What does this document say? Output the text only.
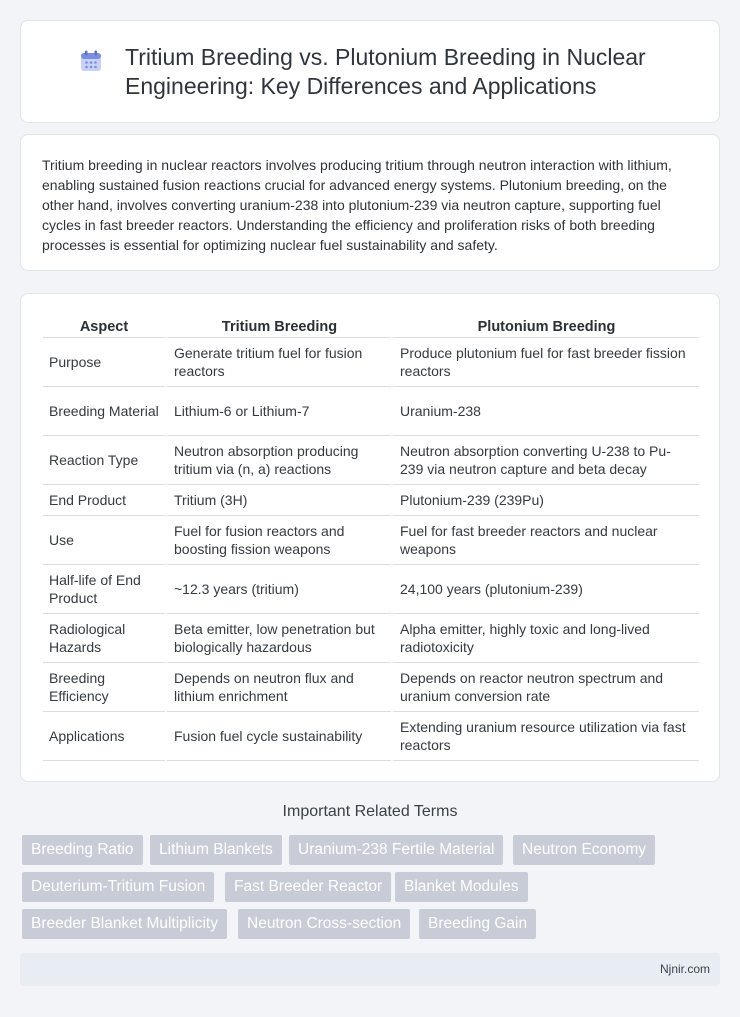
Tritium Breeding vs. Plutonium Breeding in Nuclear Engineering: Key Differences and Applications

Tritium breeding in nuclear reactors involves producing tritium through neutron interaction with lithium, enabling sustained fusion reactions crucial for advanced energy systems. Plutonium breeding, on the other hand, involves converting uranium-238 into plutonium-239 via neutron capture, supporting fuel cycles in fast breeder reactors. Understanding the efficiency and proliferation risks of both breeding processes is essential for optimizing nuclear fuel sustainability and safety.

Aspect	Tritium Breeding	Plutonium Breeding
Purpose	Generate tritium fuel for fusion reactors	Produce plutonium fuel for fast breeder fission reactors
Breeding Material	Lithium-6 or Lithium-7	Uranium-238
Reaction Type	Neutron absorption producing tritium via (n, a) reactions	Neutron absorption converting U-238 to Pu-239 via neutron capture and beta decay
End Product	Tritium (3H)	Plutonium-239 (239Pu)
Use	Fuel for fusion reactors and boosting fission weapons	Fuel for fast breeder reactors and nuclear weapons
Half-life of End Product	~12.3 years (tritium)	24,100 years (plutonium-239)
Radiological Hazards	Beta emitter, low penetration but biologically hazardous	Alpha emitter, highly toxic and long-lived radiotoxicity
Breeding Efficiency	Depends on neutron flux and lithium enrichment	Depends on reactor neutron spectrum and uranium conversion rate
Applications	Fusion fuel cycle sustainability	Extending uranium resource utilization via fast reactors
Important Related Terms
Breeding Ratio	Lithium Blankets	Uranium-238 Fertile Material	Neutron Economy
Deuterium-Tritium Fusion	Fast Breeder Reactor	Blanket Modules
Breeder Blanket Multiplicity	Neutron Cross-section	Breeding Gain
Njnir.com
